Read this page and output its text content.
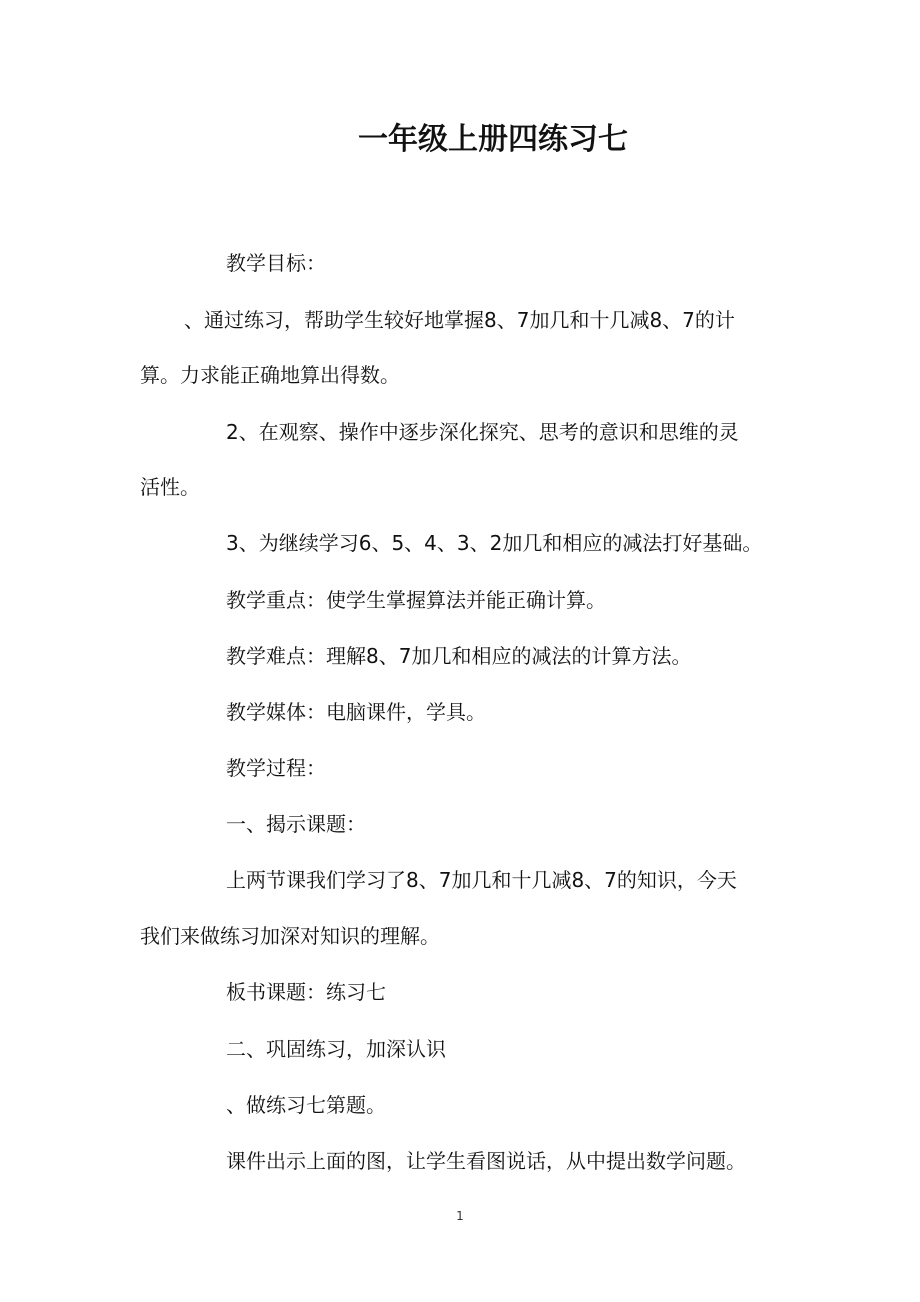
一年级上册四练习七
教学目标：
、通过练习，帮助学生较好地掌握8、7加几和十几减8、7的计
算。力求能正确地算出得数。
2、在观察、操作中逐步深化探究、思考的意识和思维的灵
活性。
3、为继续学习6、5、4、3、2加几和相应的减法打好基础。
教学重点：使学生掌握算法并能正确计算。
教学难点：理解8、7加几和相应的减法的计算方法。
教学媒体：电脑课件，学具。
教学过程：
一、揭示课题：
上两节课我们学习了8、7加几和十几减8、7的知识，今天
我们来做练习加深对知识的理解。
板书课题：练习七
二、巩固练习，加深认识
、做练习七第题。
课件出示上面的图，让学生看图说话，从中提出数学问题。
1
